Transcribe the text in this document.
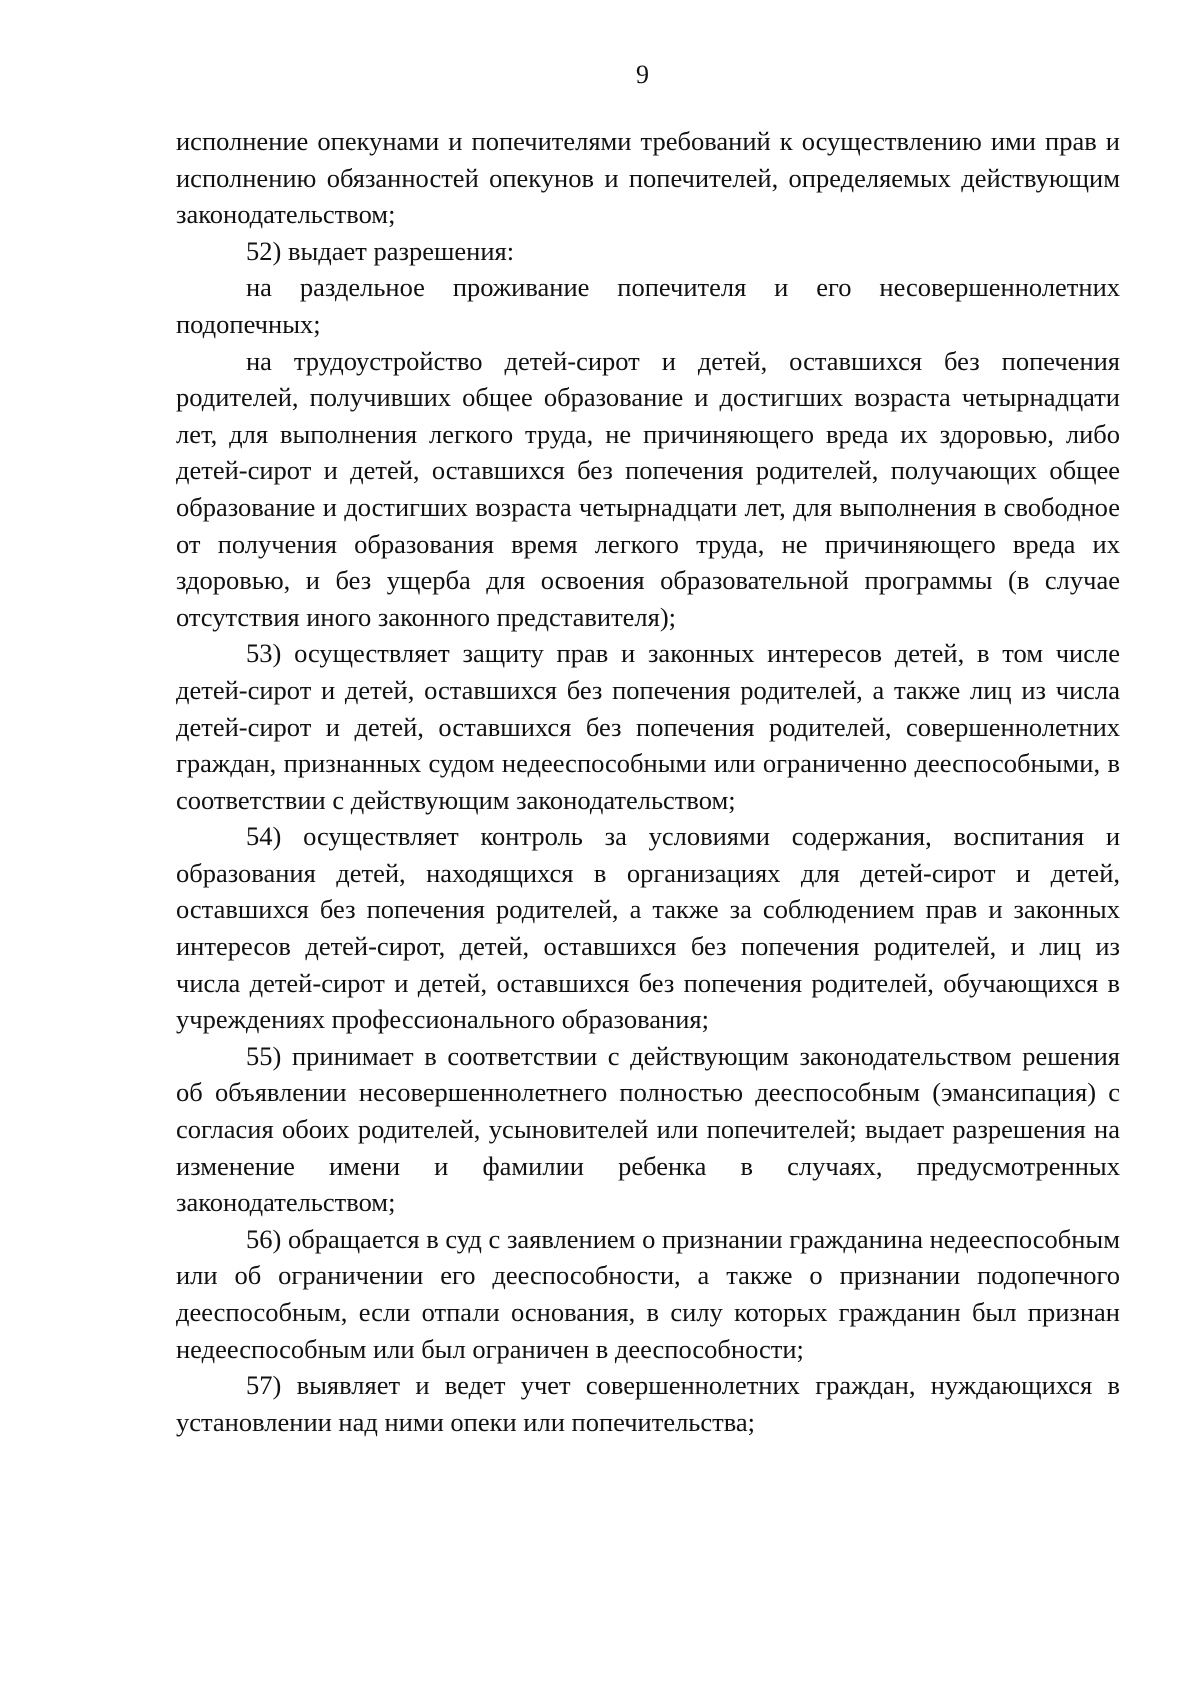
9

исполнение опекунами и попечителями требований к осуществлению ими прав и исполнению обязанностей опекунов и попечителей, определяемых действующим законодательством;

52) выдает разрешения:

на раздельное проживание попечителя и его несовершеннолетних подопечных;

на трудоустройство детей-сирот и детей, оставшихся без попечения родителей, получивших общее образование и достигших возраста четырнадцати лет, для выполнения легкого труда, не причиняющего вреда их здоровью, либо детей-сирот и детей, оставшихся без попечения родителей, получающих общее образование и достигших возраста четырнадцати лет, для выполнения в свободное от получения образования время легкого труда, не причиняющего вреда их здоровью, и без ущерба для освоения образовательной программы (в случае отсутствия иного законного представителя);

53) осуществляет защиту прав и законных интересов детей, в том числе детей-сирот и детей, оставшихся без попечения родителей, а также лиц из числа детей-сирот и детей, оставшихся без попечения родителей, совершеннолетних граждан, признанных судом недееспособными или ограниченно дееспособными, в соответствии с действующим законодательством;

54) осуществляет контроль за условиями содержания, воспитания и образования детей, находящихся в организациях для детей-сирот и детей, оставшихся без попечения родителей, а также за соблюдением прав и законных интересов детей-сирот, детей, оставшихся без попечения родителей, и лиц из числа детей-сирот и детей, оставшихся без попечения родителей, обучающихся в учреждениях профессионального образования;

55) принимает в соответствии с действующим законодательством решения об объявлении несовершеннолетнего полностью дееспособным (эмансипация) с согласия обоих родителей, усыновителей или попечителей; выдает разрешения на изменение имени и фамилии ребенка в случаях, предусмотренных законодательством;

56) обращается в суд с заявлением о признании гражданина недееспособным или об ограничении его дееспособности, а также о признании подопечного дееспособным, если отпали основания, в силу которых гражданин был признан недееспособным или был ограничен в дееспособности;

57) выявляет и ведет учет совершеннолетних граждан, нуждающихся в установлении над ними опеки или попечительства;
